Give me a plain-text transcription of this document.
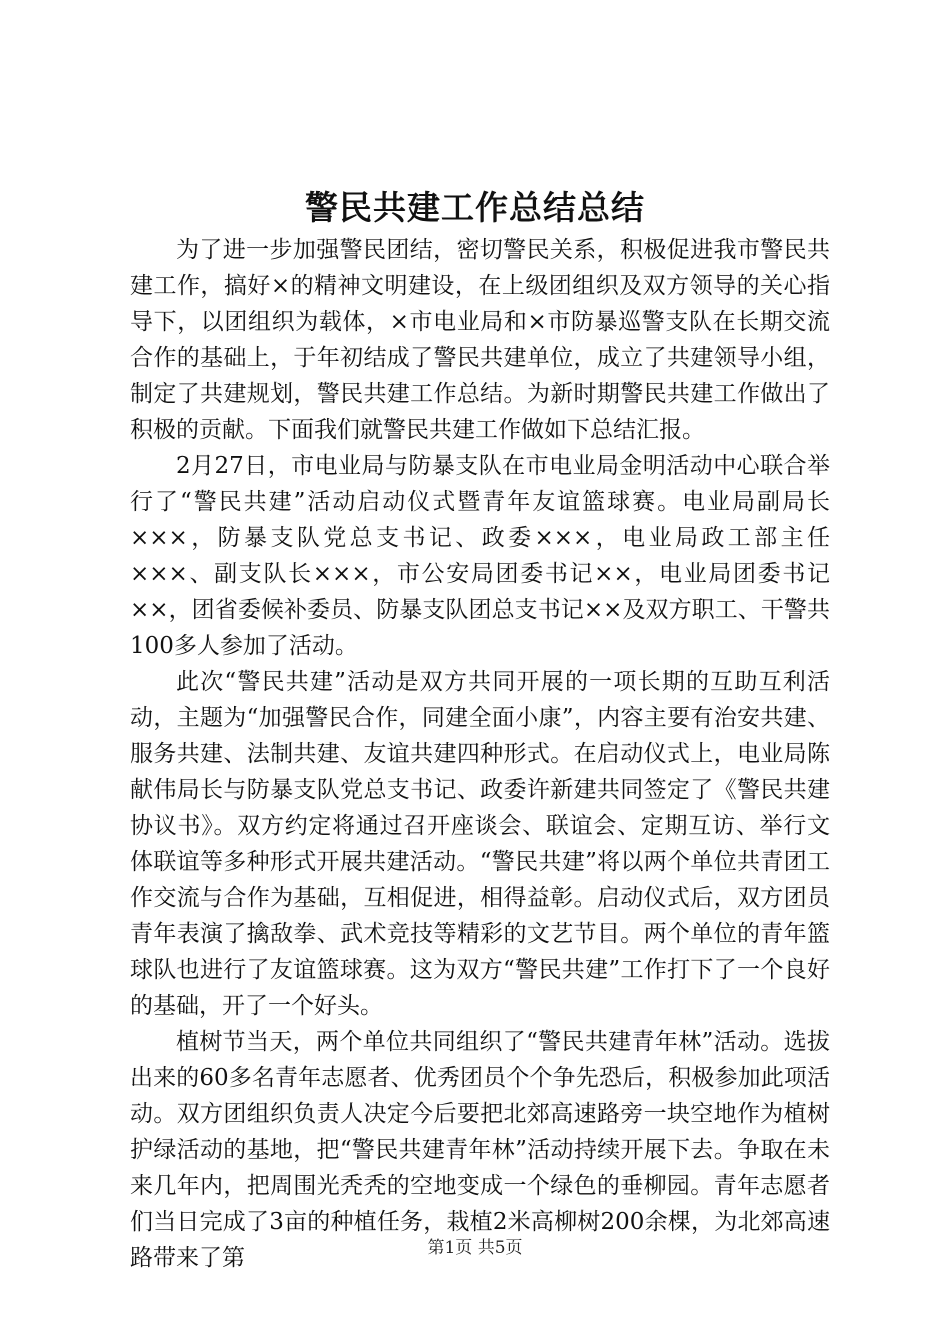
警民共建工作总结总结

为了进一步加强警民团结，密切警民关系，积极促进我市警民共建工作，搞好×的精神文明建设，在上级团组织及双方领导的关心指导下，以团组织为载体，×市电业局和×市防暴巡警支队在长期交流合作的基础上，于年初结成了警民共建单位，成立了共建领导小组，制定了共建规划，警民共建工作总结。为新时期警民共建工作做出了积极的贡献。下面我们就警民共建工作做如下总结汇报。

2月27日，市电业局与防暴支队在市电业局金明活动中心联合举行了“警民共建”活动启动仪式暨青年友谊篮球赛。电业局副局长×××，防暴支队党总支书记、政委×××，电业局政工部主任×××、副支队长×××，市公安局团委书记××，电业局团委书记××，团省委候补委员、防暴支队团总支书记××及双方职工、干警共100多人参加了活动。

此次“警民共建”活动是双方共同开展的一项长期的互助互利活动，主题为“加强警民合作，同建全面小康”，内容主要有治安共建、服务共建、法制共建、友谊共建四种形式。在启动仪式上，电业局陈献伟局长与防暴支队党总支书记、政委许新建共同签定了《警民共建协议书》。双方约定将通过召开座谈会、联谊会、定期互访、举行文体联谊等多种形式开展共建活动。“警民共建”将以两个单位共青团工作交流与合作为基础，互相促进，相得益彰。启动仪式后，双方团员青年表演了擒敌拳、武术竞技等精彩的文艺节目。两个单位的青年篮球队也进行了友谊篮球赛。这为双方“警民共建”工作打下了一个良好的基础，开了一个好头。

植树节当天，两个单位共同组织了“警民共建青年林”活动。选拔出来的60多名青年志愿者、优秀团员个个争先恐后，积极参加此项活动。双方团组织负责人决定今后要把北郊高速路旁一块空地作为植树护绿活动的基地，把“警民共建青年林”活动持续开展下去。争取在未来几年内，把周围光秃秃的空地变成一个绿色的垂柳园。青年志愿者们当日完成了3亩的种植任务，栽植2米高柳树200余棵，为北郊高速路带来了第	第1页 共5页
